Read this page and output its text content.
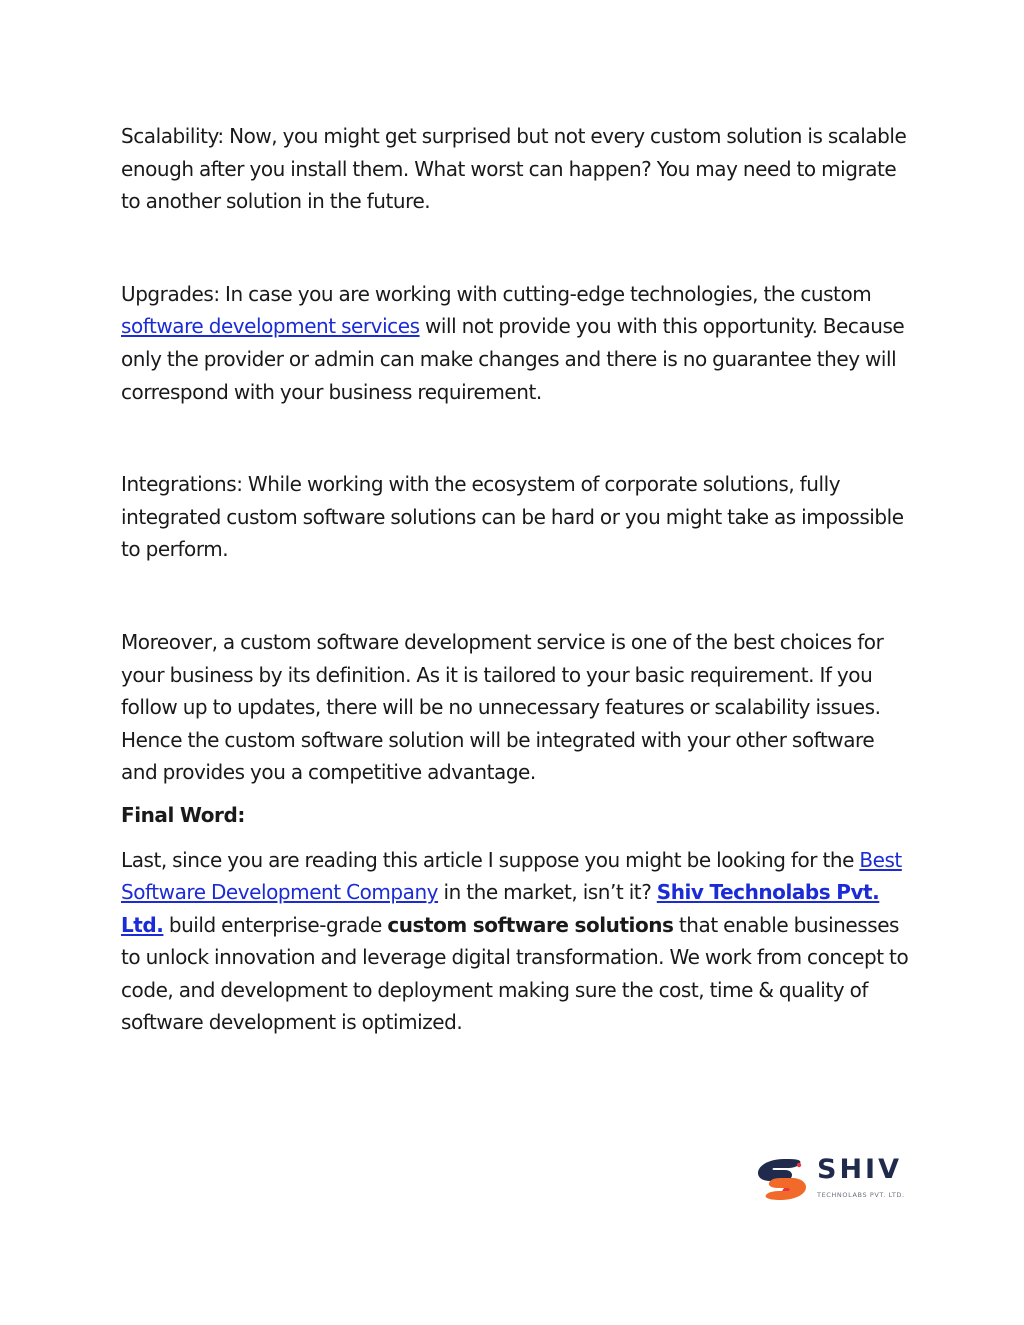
Scalability: Now, you might get surprised but not every custom solution is scalable enough after you install them. What worst can happen? You may need to migrate to another solution in the future.

Upgrades: In case you are working with cutting-edge technologies, the custom software development services will not provide you with this opportunity. Because only the provider or admin can make changes and there is no guarantee they will correspond with your business requirement.

Integrations: While working with the ecosystem of corporate solutions, fully integrated custom software solutions can be hard or you might take as impossible to perform.

Moreover, a custom software development service is one of the best choices for your business by its definition. As it is tailored to your basic requirement. If you follow up to updates, there will be no unnecessary features or scalability issues. Hence the custom software solution will be integrated with your other software and provides you a competitive advantage.

Final Word:

Last, since you are reading this article I suppose you might be looking for the Best Software Development Company in the market, isn’t it? Shiv Technolabs Pvt. Ltd. build enterprise-grade custom software solutions that enable businesses to unlock innovation and leverage digital transformation. We work from concept to code, and development to deployment making sure the cost, time & quality of software development is optimized.

SHIV
TECHNOLABS PVT. LTD.
